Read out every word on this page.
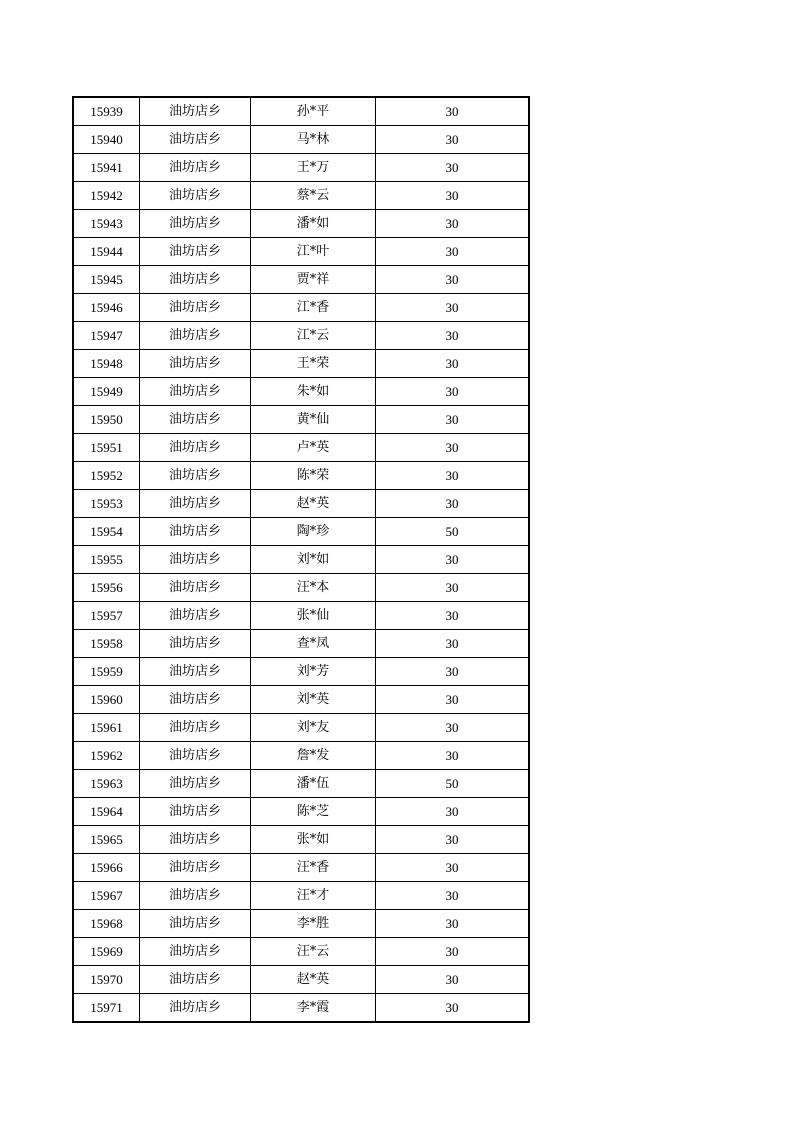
15939	油坊店乡	孙*平	30
15940	油坊店乡	马*林	30
15941	油坊店乡	王*万	30
15942	油坊店乡	蔡*云	30
15943	油坊店乡	潘*如	30
15944	油坊店乡	江*叶	30
15945	油坊店乡	贾*祥	30
15946	油坊店乡	江*香	30
15947	油坊店乡	江*云	30
15948	油坊店乡	王*荣	30
15949	油坊店乡	朱*如	30
15950	油坊店乡	黄*仙	30
15951	油坊店乡	卢*英	30
15952	油坊店乡	陈*荣	30
15953	油坊店乡	赵*英	30
15954	油坊店乡	陶*珍	50
15955	油坊店乡	刘*如	30
15956	油坊店乡	汪*本	30
15957	油坊店乡	张*仙	30
15958	油坊店乡	查*凤	30
15959	油坊店乡	刘*芳	30
15960	油坊店乡	刘*英	30
15961	油坊店乡	刘*友	30
15962	油坊店乡	詹*发	30
15963	油坊店乡	潘*伍	50
15964	油坊店乡	陈*芝	30
15965	油坊店乡	张*如	30
15966	油坊店乡	汪*香	30
15967	油坊店乡	汪*才	30
15968	油坊店乡	李*胜	30
15969	油坊店乡	汪*云	30
15970	油坊店乡	赵*英	30
15971	油坊店乡	李*霞	30
